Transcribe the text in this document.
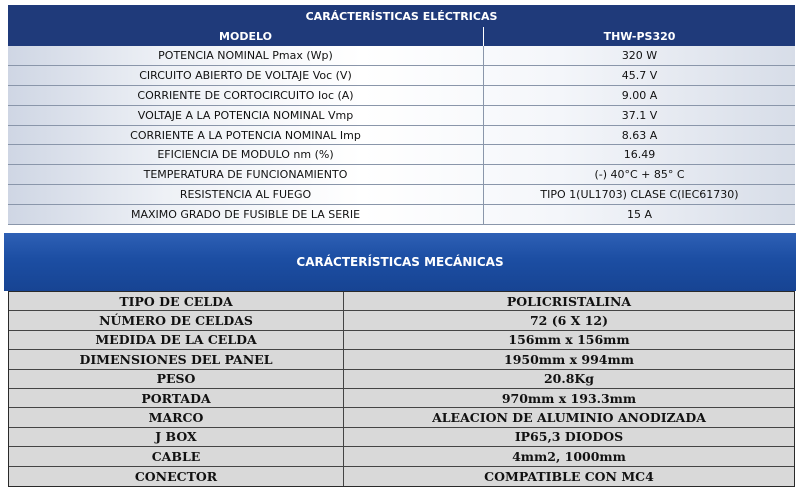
CARÁCTERÍSTICAS ELÉCTRICAS
MODELO	THW-PS320
POTENCIA NOMINAL Pmax (Wp)	320 W
CIRCUITO ABIERTO DE VOLTAJE Voc (V)	45.7 V
CORRIENTE DE CORTOCIRCUITO Ioc (A)	9.00 A
VOLTAJE A LA POTENCIA NOMINAL Vmp	37.1 V
CORRIENTE A LA POTENCIA NOMINAL Imp	8.63 A
EFICIENCIA DE MODULO nm (%)	16.49
TEMPERATURA DE FUNCIONAMIENTO	(-) 40°C + 85° C
RESISTENCIA AL FUEGO	TIPO 1(UL1703) CLASE C(IEC61730)
MAXIMO GRADO DE FUSIBLE DE LA SERIE	15 A
CARÁCTERÍSTICAS MECÁNICAS
TIPO DE CELDA	POLICRISTALINA
NÚMERO DE CELDAS	72 (6 X 12)
MEDIDA DE LA CELDA	156mm x 156mm
DIMENSIONES DEL PANEL	1950mm x 994mm
PESO	20.8Kg
PORTADA	970mm x 193.3mm
MARCO	ALEACION DE ALUMINIO ANODIZADA
J BOX	IP65,3 DIODOS
CABLE	4mm2, 1000mm
CONECTOR	COMPATIBLE CON MC4
